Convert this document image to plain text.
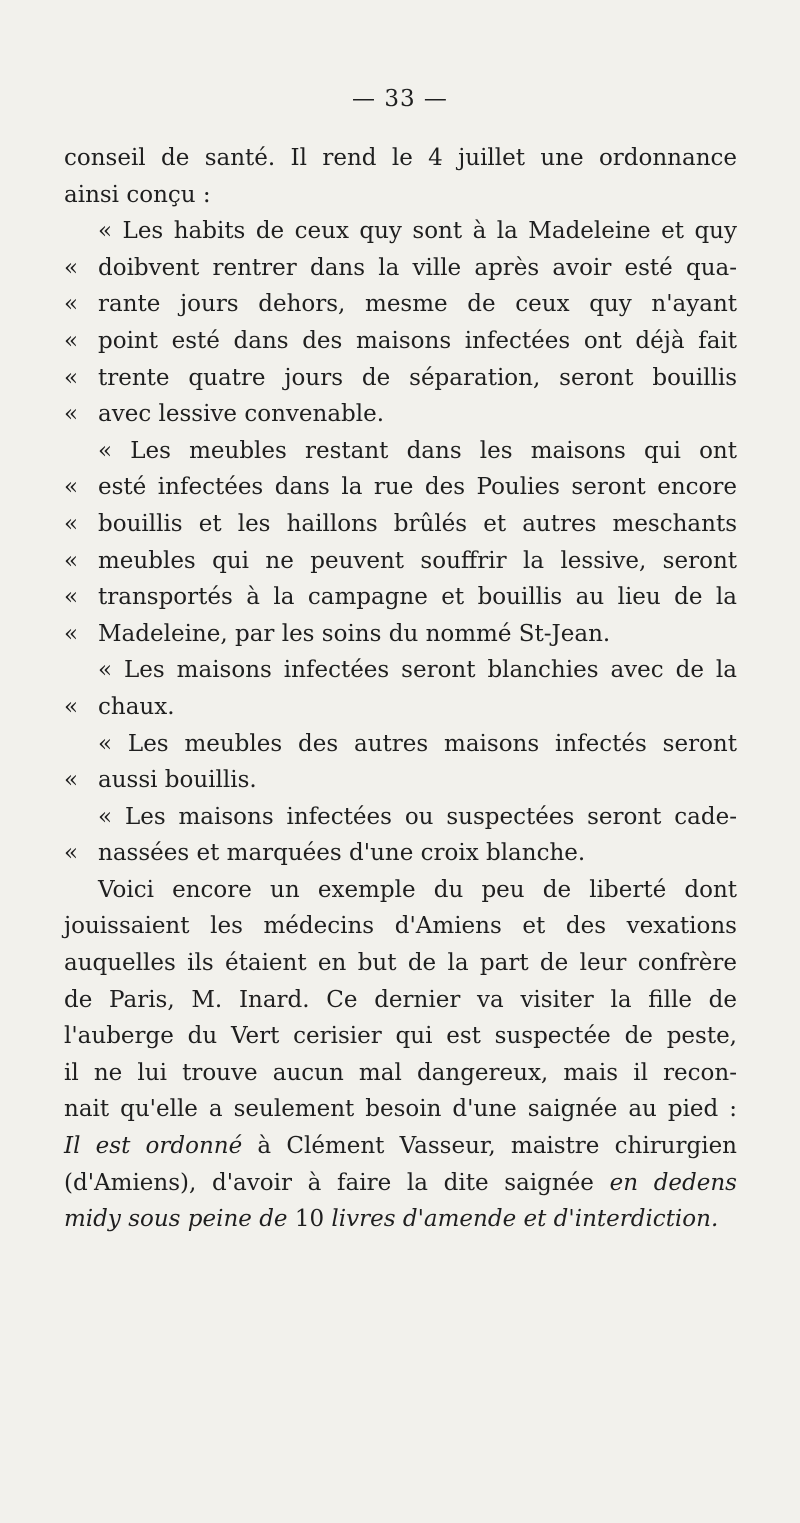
— 33 —
conseil de santé. Il rend le 4 juillet une ordonnance
ainsi conçu :
« Les habits de ceux quy sont à la Madeleine et quy
« doibvent rentrer dans la ville après avoir esté qua-
« rante jours dehors, mesme de ceux quy n'ayant
« point esté dans des maisons infectées ont déjà fait
« trente quatre jours de séparation, seront bouillis
« avec lessive convenable.
« Les meubles restant dans les maisons qui ont
« esté infectées dans la rue des Poulies seront encore
« bouillis et les haillons brûlés et autres meschants
« meubles qui ne peuvent souffrir la lessive, seront
« transportés à la campagne et bouillis au lieu de la
« Madeleine, par les soins du nommé St-Jean.
« Les maisons infectées seront blanchies avec de la
« chaux.
« Les meubles des autres maisons infectés seront
« aussi bouillis.
« Les maisons infectées ou suspectées seront cade-
« nassées et marquées d'une croix blanche.
Voici encore un exemple du peu de liberté dont
jouissaient les médecins d'Amiens et des vexations
auquelles ils étaient en but de la part de leur confrère
de Paris, M. Inard. Ce dernier va visiter la fille de
l'auberge du Vert cerisier qui est suspectée de peste,
il ne lui trouve aucun mal dangereux, mais il recon-
nait qu'elle a seulement besoin d'une saignée au pied :
Il est ordonné à Clément Vasseur, maistre chirurgien
(d'Amiens), d'avoir à faire la dite saignée en dedens
midy sous peine de 10 livres d'amende et d'interdiction.
